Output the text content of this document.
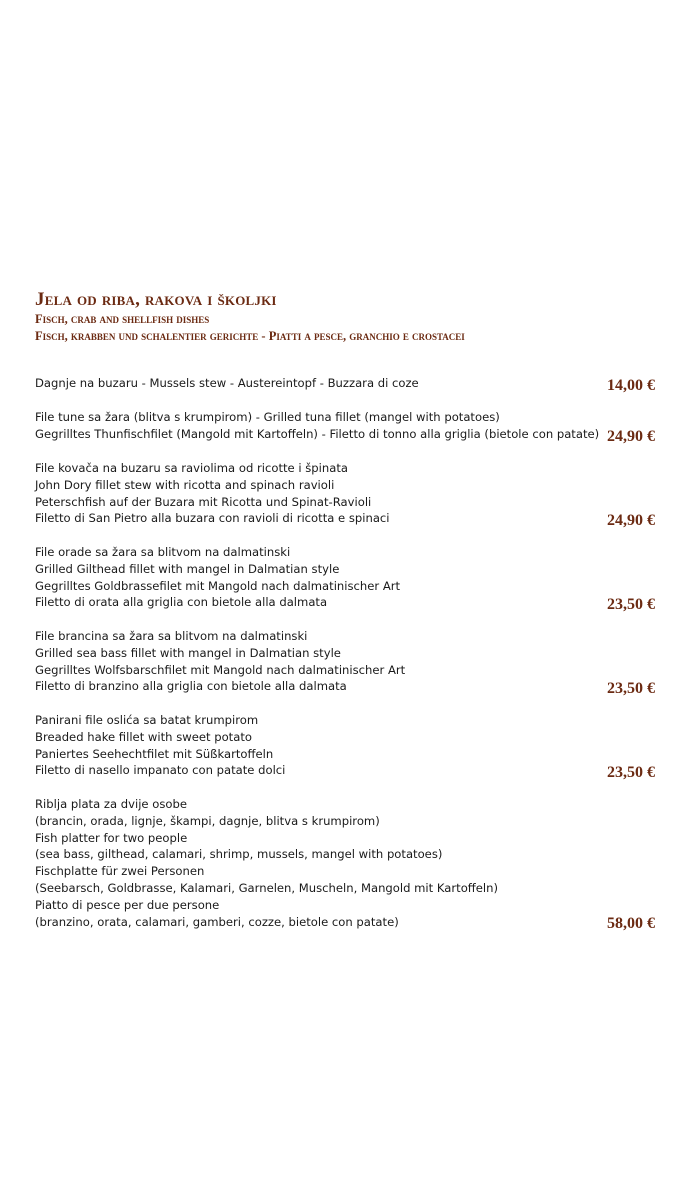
Jela od riba, rakova i školjki
Fisch, crab and shellfish dishes
Fisch, krabben und schalentier gerichte - Piatti a pesce, granchio e crostacei
Dagnje na buzaru - Mussels stew - Austereintopf - Buzzara di coze	14,00 €
File tune sa žara (blitva s krumpirom) - Grilled tuna fillet (mangel with potatoes)
Gegrilltes Thunfischfilet (Mangold mit Kartoffeln) - Filetto di tonno alla griglia (bietole con patate) 24,90 €
File kovača na buzaru sa raviolima od ricotte i špinata
John Dory fillet stew with ricotta and spinach ravioli
Peterschfish auf der Buzara mit Ricotta und Spinat-Ravioli
Filetto di San Pietro alla buzara con ravioli di ricotta e spinaci	24,90 €
File orade sa žara sa blitvom na dalmatinski
Grilled Gilthead fillet with mangel in Dalmatian style
Gegrilltes Goldbrassefilet mit Mangold nach dalmatinischer Art
Filetto di orata alla griglia con bietole alla dalmata	23,50 €
File brancina sa žara sa blitvom na dalmatinski
Grilled sea bass fillet with mangel in Dalmatian style
Gegrilltes Wolfsbarschfilet mit Mangold nach dalmatinischer Art
Filetto di branzino alla griglia con bietole alla dalmata	23,50 €
Panirani file oslića sa batat krumpirom
Breaded hake fillet with sweet potato
Paniertes Seehechtfilet mit Süßkartoffeln
Filetto di nasello impanato con patate dolci	23,50 €
Riblja plata za dvije osobe
(brancin, orada, lignje, škampi, dagnje, blitva s krumpirom)
Fish platter for two people
(sea bass, gilthead, calamari, shrimp, mussels, mangel with potatoes)
Fischplatte für zwei Personen
(Seebarsch, Goldbrasse, Kalamari, Garnelen, Muscheln, Mangold mit Kartoffeln)
Piatto di pesce per due persone
(branzino, orata, calamari, gamberi, cozze, bietole con patate)	58,00 €
